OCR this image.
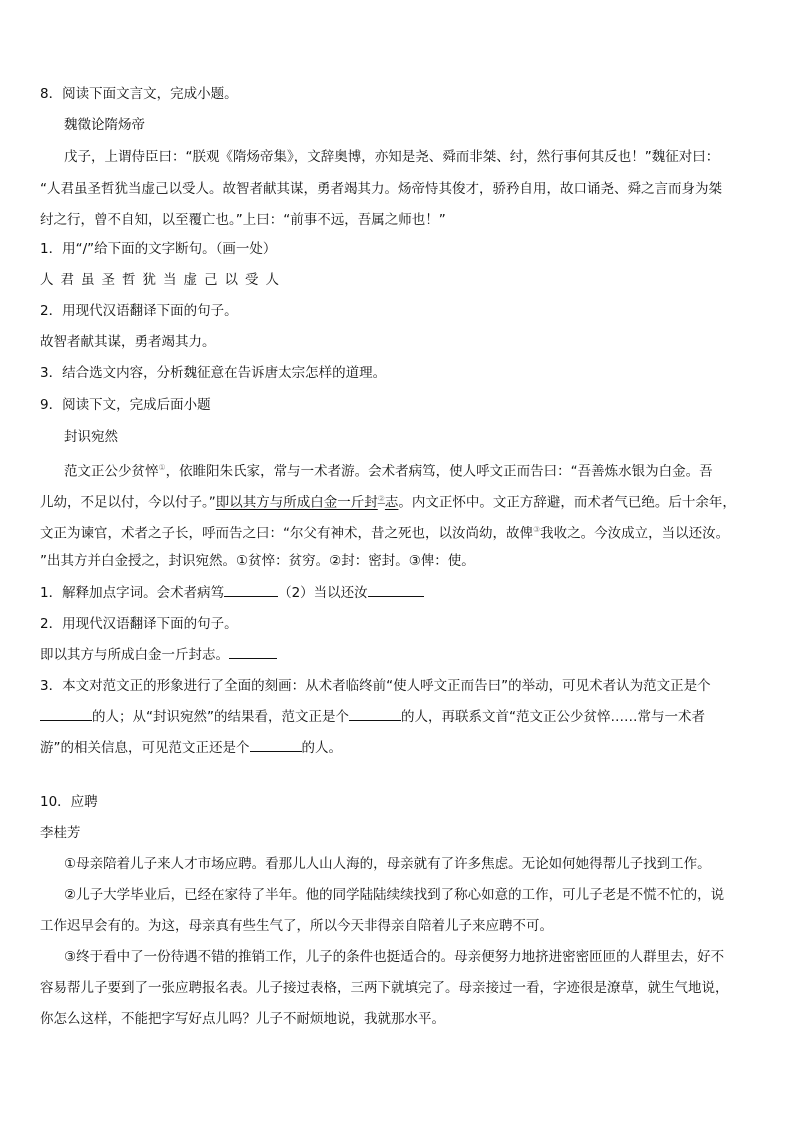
8．阅读下面文言文，完成小题。
魏徵论隋炀帝
戊子，上谓侍臣曰：“朕观《隋炀帝集》，文辞奥博，亦知是尧、舜而非桀、纣，然行事何其反也！”魏征对曰：
“人君虽圣哲犹当虚己以受人。故智者献其谋，勇者竭其力。炀帝恃其俊才，骄矜自用，故口诵尧、舜之言而身为桀
纣之行，曾不自知，以至覆亡也。”上曰：“前事不远，吾属之师也！”
1．用“/”给下面的文字断句。（画一处）
人君虽圣哲犹当虚己以受人
2．用现代汉语翻译下面的句子。
故智者献其谋，勇者竭其力。
3．结合选文内容，分析魏征意在告诉唐太宗怎样的道理。
9．阅读下文，完成后面小题
封识宛然
范文正公少贫悴①，依睢阳朱氏家，常与一术者游。会术者病笃，使人呼文正而告曰：“吾善炼水银为白金。吾
儿幼，不足以付，今以付子。”即以其方与所成白金一斤封②志。内文正怀中。文正方辞避，而术者气已绝。后十余年，
文正为谏官，术者之子长，呼而告之曰：“尔父有神术，昔之死也，以汝尚幼，故俾③我收之。今汝成立，当以还汝。
”出其方并白金授之，封识宛然。①贫悴：贫穷。②封：密封。③俾：使。
1．解释加点字词。会术者病笃	（2）当以还汝
2．用现代汉语翻译下面的句子。
即以其方与所成白金一斤封志。
3．本文对范文正的形象进行了全面的刻画：从术者临终前“使人呼文正而告曰”的举动，可见术者认为范文正是个
的人；从“封识宛然”的结果看，范文正是个	的人，再联系文首“范文正公少贫悴……常与一术者
游”的相关信息，可见范文正还是个	的人。
10．应聘
李桂芳
①母亲陪着儿子来人才市场应聘。看那儿人山人海的，母亲就有了许多焦虑。无论如何她得帮儿子找到工作。
②儿子大学毕业后，已经在家待了半年。他的同学陆陆续续找到了称心如意的工作，可儿子老是不慌不忙的，说
工作迟早会有的。为这，母亲真有些生气了，所以今天非得亲自陪着儿子来应聘不可。
③终于看中了一份待遇不错的推销工作，儿子的条件也挺适合的。母亲便努力地挤进密密匝匝的人群里去，好不
容易帮儿子要到了一张应聘报名表。儿子接过表格，三两下就填完了。母亲接过一看，字迹很是潦草，就生气地说，
你怎么这样，不能把字写好点儿吗？儿子不耐烦地说，我就那水平。
